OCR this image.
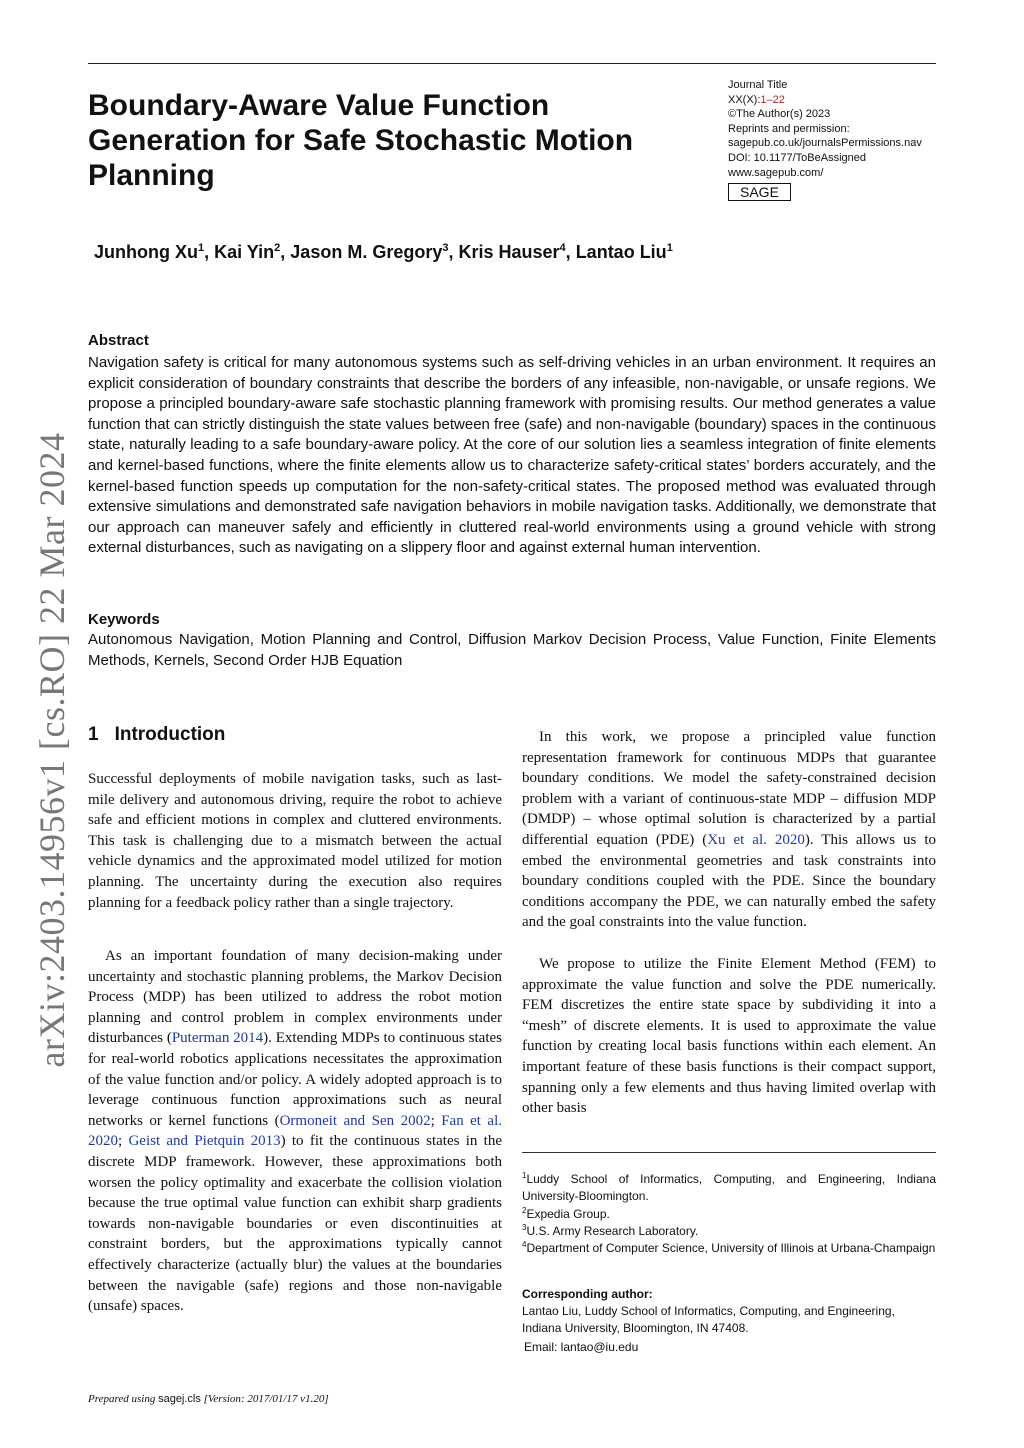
arXiv:2403.14956v1 [cs.RO] 22 Mar 2024
Boundary-Aware Value Function Generation for Safe Stochastic Motion Planning
Journal Title
XX(X):1–22
©The Author(s) 2023
Reprints and permission:
sagepub.co.uk/journalsPermissions.nav
DOI: 10.1177/ToBeAssigned
www.sagepub.com/
SAGE
Junhong Xu$^1$, Kai Yin$^2$, Jason M. Gregory$^3$, Kris Hauser$^4$, Lantao Liu$^1$
Abstract
Navigation safety is critical for many autonomous systems such as self-driving vehicles in an urban environment. It requires an explicit consideration of boundary constraints that describe the borders of any infeasible, non-navigable, or unsafe regions. We propose a principled boundary-aware safe stochastic planning framework with promising results. Our method generates a value function that can strictly distinguish the state values between free (safe) and non-navigable (boundary) spaces in the continuous state, naturally leading to a safe boundary-aware policy. At the core of our solution lies a seamless integration of finite elements and kernel-based functions, where the finite elements allow us to characterize safety-critical states’ borders accurately, and the kernel-based function speeds up computation for the non-safety-critical states. The proposed method was evaluated through extensive simulations and demonstrated safe navigation behaviors in mobile navigation tasks. Additionally, we demonstrate that our approach can maneuver safely and efficiently in cluttered real-world environments using a ground vehicle with strong external disturbances, such as navigating on a slippery floor and against external human intervention.
Keywords
Autonomous Navigation, Motion Planning and Control, Diffusion Markov Decision Process, Value Function, Finite Elements Methods, Kernels, Second Order HJB Equation
1 Introduction
Successful deployments of mobile navigation tasks, such as last-mile delivery and autonomous driving, require the robot to achieve safe and efficient motions in complex and cluttered environments. This task is challenging due to a mismatch between the actual vehicle dynamics and the approximated model utilized for motion planning. The uncertainty during the execution also requires planning for a feedback policy rather than a single trajectory.
As an important foundation of many decision-making under uncertainty and stochastic planning problems, the Markov Decision Process (MDP) has been utilized to address the robot motion planning and control problem in complex environments under disturbances (Puterman 2014). Extending MDPs to continuous states for real-world robotics applications necessitates the approximation of the value function and/or policy. A widely adopted approach is to leverage continuous function approximations such as neural networks or kernel functions (Ormoneit and Sen 2002; Fan et al. 2020; Geist and Pietquin 2013) to fit the continuous states in the discrete MDP framework. However, these approximations both worsen the policy optimality and exacerbate the collision violation because the true optimal value function can exhibit sharp gradients towards non-navigable boundaries or even discontinuities at constraint borders, but the approximations typically cannot effectively characterize (actually blur) the values at the boundaries between the navigable (safe) regions and those non-navigable (unsafe) spaces.
In this work, we propose a principled value function representation framework for continuous MDPs that guarantee boundary conditions. We model the safety-constrained decision problem with a variant of continuous-state MDP – diffusion MDP (DMDP) – whose optimal solution is characterized by a partial differential equation (PDE) (Xu et al. 2020). This allows us to embed the environmental geometries and task constraints into boundary conditions coupled with the PDE. Since the boundary conditions accompany the PDE, we can naturally embed the safety and the goal constraints into the value function.
We propose to utilize the Finite Element Method (FEM) to approximate the value function and solve the PDE numerically. FEM discretizes the entire state space by subdividing it into a “mesh” of discrete elements. It is used to approximate the value function by creating local basis functions within each element. An important feature of these basis functions is their compact support, spanning only a few elements and thus having limited overlap with other basis
$^1$Luddy School of Informatics, Computing, and Engineering, Indiana University-Bloomington.
$^2$Expedia Group.
$^3$U.S. Army Research Laboratory.
$^4$Department of Computer Science, University of Illinois at Urbana-Champaign
Corresponding author:
Lantao Liu, Luddy School of Informatics, Computing, and Engineering, Indiana University, Bloomington, IN 47408.
Email: lantao@iu.edu
Prepared using sagej.cls [Version: 2017/01/17 v1.20]
